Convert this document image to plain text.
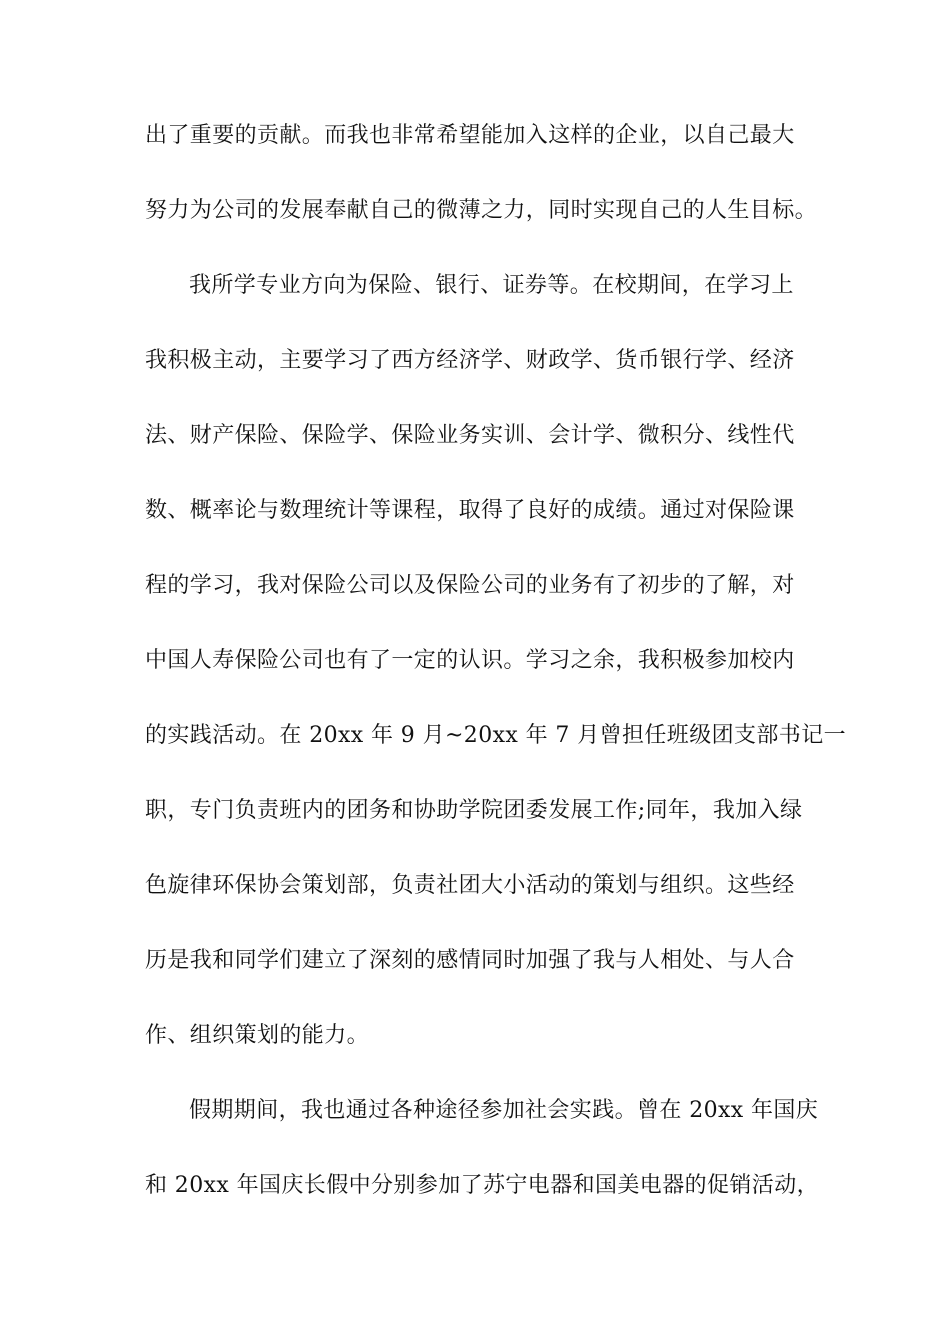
出了重要的贡献。而我也非常希望能加入这样的企业，以自己最大

努力为公司的发展奉献自己的微薄之力，同时实现自己的人生目标。

我所学专业方向为保险、银行、证券等。在校期间，在学习上

我积极主动，主要学习了西方经济学、财政学、货币银行学、经济

法、财产保险、保险学、保险业务实训、会计学、微积分、线性代

数、概率论与数理统计等课程，取得了良好的成绩。通过对保险课

程的学习，我对保险公司以及保险公司的业务有了初步的了解，对

中国人寿保险公司也有了一定的认识。学习之余，我积极参加校内

的实践活动。在 20xx 年 9 月~20xx 年 7 月曾担任班级团支部书记一

职，专门负责班内的团务和协助学院团委发展工作;同年，我加入绿

色旋律环保协会策划部，负责社团大小活动的策划与组织。这些经

历是我和同学们建立了深刻的感情同时加强了我与人相处、与人合

作、组织策划的能力。

假期期间，我也通过各种途径参加社会实践。曾在 20xx 年国庆

和 20xx 年国庆长假中分别参加了苏宁电器和国美电器的促销活动，
